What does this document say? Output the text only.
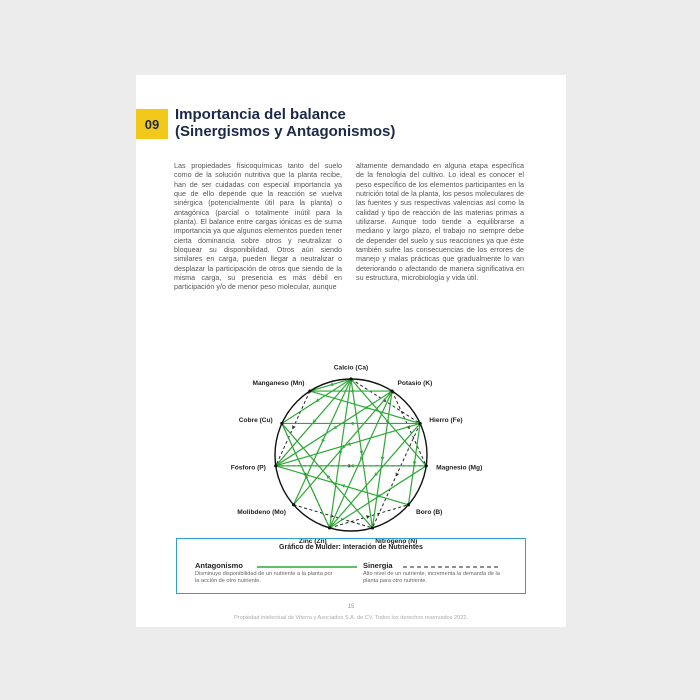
09
Importancia del balance
(Sinergismos y Antagonismos)
Las propiedades físicoquímicas tanto del suelo como de la solución nutritiva que la planta recibe, han de ser cuidadas con especial importancia ya que de ello depende que la reacción se vuelva sinérgica (potencialmente útil para la planta) o antagónica (parcial o totalmente inútil para la planta). El balance entre cargas iónicas es de suma importancia ya que algunos elementos pueden tener cierta dominancia sobre otros y neutralizar o bloquear su disponibilidad. Otros aún siendo similares en carga, pueden llegar a neutralizar o desplazar la participación de otros que siendo de la misma carga, su presencia es más débil en participación y/o de menor peso molecular, aunque
altamente demandado en alguna etapa específica de la fenología del cultivo. Lo ideal es conocer el peso específico de los elementos participantes en la nutrición total de la planta, los pesos moleculares de las fuentes y sus respectivas valencias así como la calidad y tipo de reacción de las materias primas a utilizarse. Aunque todo tiende a equilibrarse a mediano y largo plazo, el trabajo no siempre debe de depender del suelo y sus reacciones ya que éste también sufre las consecuencias de los errores de manejo y malas prácticas que gradualmente lo van deteriorando o afectando de manera significativa en su estructura, microbiología y vida útil.
Calcio (Ca)
Potasio (K)
Hierro (Fe)
Magnesio (Mg)
Boro (B)
Nitrógeno (N)
Zinc (Zn)
Molibdeno (Mo)
Fósforo (P)
Cobre (Cu)
Manganeso (Mn)
Gráfico de Mulder: Interación de Nutrientes
Antagonismo
Disminuye disponibilidad de un nutriente a la planta por la acción de otro nutriente.
Sinergia
Alto nivel de un nutriente, incrementa la demanda de la planta para otro nutriente.
15
Propiedad intelectual de Viterra y Asociados S.A. de CV. Todos los derechos reservados 2022.
